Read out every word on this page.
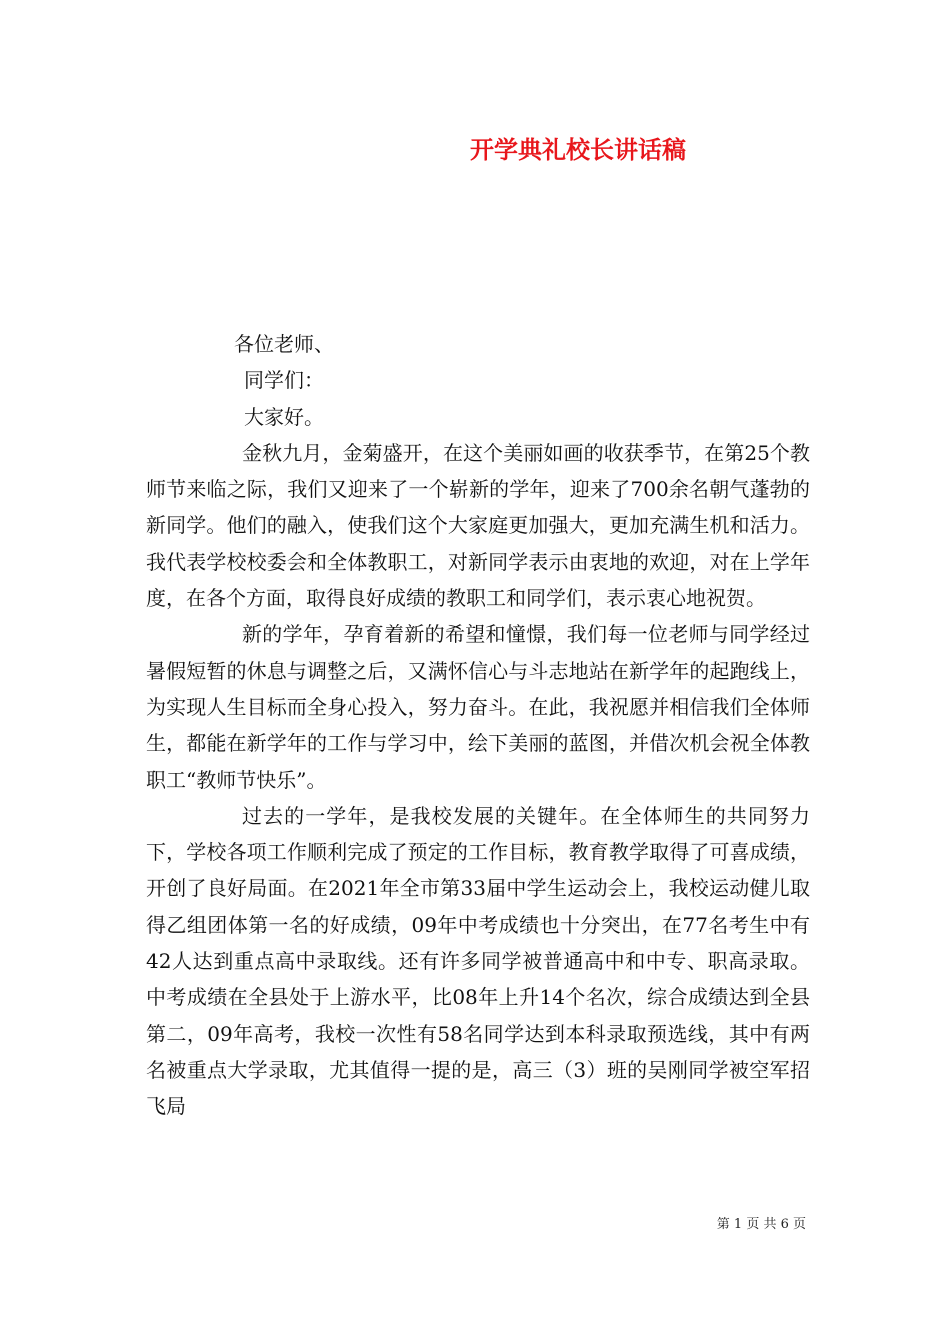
开学典礼校长讲话稿

各位老师、

同学们：

大家好。

金秋九月，金菊盛开，在这个美丽如画的收获季节，在第25个教师节来临之际，我们又迎来了一个崭新的学年，迎来了700余名朝气蓬勃的新同学。他们的融入，使我们这个大家庭更加强大，更加充满生机和活力。我代表学校校委会和全体教职工，对新同学表示由衷地的欢迎，对在上学年度，在各个方面，取得良好成绩的教职工和同学们，表示衷心地祝贺。

新的学年，孕育着新的希望和憧憬，我们每一位老师与同学经过暑假短暂的休息与调整之后，又满怀信心与斗志地站在新学年的起跑线上，为实现人生目标而全身心投入，努力奋斗。在此，我祝愿并相信我们全体师生，都能在新学年的工作与学习中，绘下美丽的蓝图，并借次机会祝全体教职工“教师节快乐”。

过去的一学年，是我校发展的关键年。在全体师生的共同努力下，学校各项工作顺利完成了预定的工作目标，教育教学取得了可喜成绩，开创了良好局面。在2021年全市第33届中学生运动会上，我校运动健儿取得乙组团体第一名的好成绩，09年中考成绩也十分突出，在77名考生中有42人达到重点高中录取线。还有许多同学被普通高中和中专、职高录取。中考成绩在全县处于上游水平，比08年上升14个名次，综合成绩达到全县第二，09年高考，我校一次性有58名同学达到本科录取预选线，其中有两名被重点大学录取，尤其值得一提的是，高三（3）班的吴刚同学被空军招飞局

第 1 页 共 6 页
